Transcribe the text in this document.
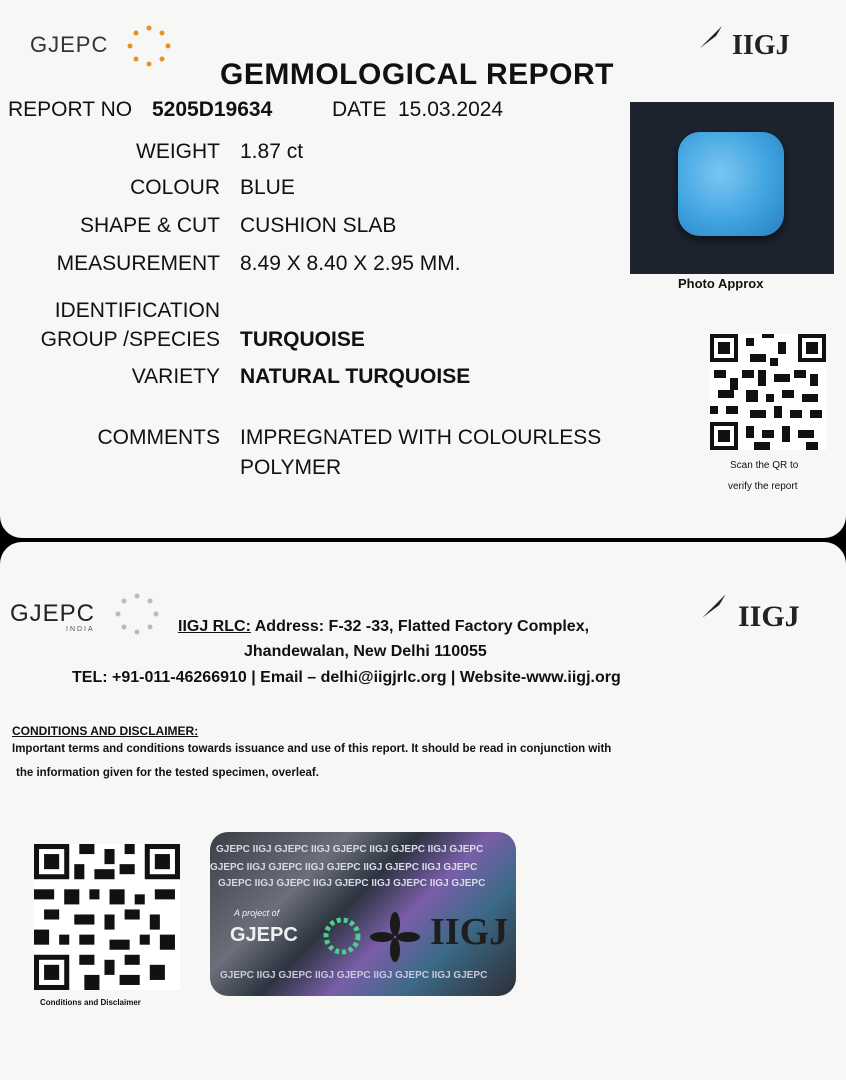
GJEPC	IIGJ
GEMMOLOGICAL REPORT
REPORT NO 5205D19634	DATE 15.03.2024
WEIGHT 1.87 ct
COLOUR BLUE
SHAPE & CUT CUSHION SLAB
MEASUREMENT 8.49 X 8.40 X 2.95 MM.
IDENTIFICATION
GROUP /SPECIES TURQUOISE
VARIETY NATURAL TURQUOISE
COMMENTS IMPREGNATED WITH COLOURLESS
POLYMER
Photo Approx
Scan the QR to
verify the report
GJEPC
INDIA	IIGJ
IIGJ RLC: Address: F-32 -33, Flatted Factory Complex,
Jhandewalan, New Delhi 110055
TEL: +91-011-46266910 | Email – delhi@iigjrlc.org | Website-www.iigj.org
CONDITIONS AND DISCLAIMER:
Important terms and conditions towards issuance and use of this report. It should be read in conjunction with
the information given for the tested specimen, overleaf.
Conditions and Disclaimer
GJEPC IIGJ GJEPC IIGJ GJEPC IIGJ GJEPC IIGJ GJEPC
GJEPC IIGJ GJEPC IIGJ GJEPC IIGJ GJEPC IIGJ GJEPC
GJEPC IIGJ GJEPC IIGJ GJEPC IIGJ GJEPC IIGJ GJEPC
A project of
GJEPC	IIGJ
GJEPC IIGJ GJEPC IIGJ GJEPC IIGJ GJEPC IIGJ GJEPC
